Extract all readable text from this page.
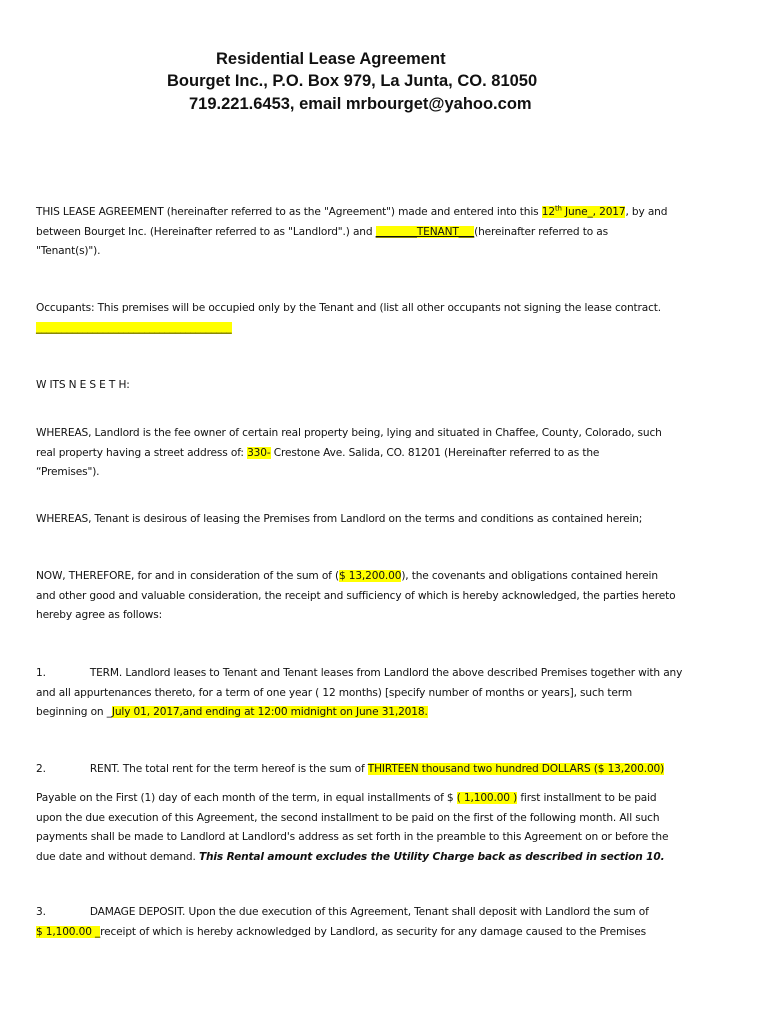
Residential Lease Agreement
Bourget Inc., P.O. Box 979, La Junta, CO. 81050
719.221.6453, email mrbourget@yahoo.com
THIS LEASE AGREEMENT (hereinafter referred to as the "Agreement") made and entered into this 12th June_, 2017, by and
between Bourget Inc. (Hereinafter referred to as "Landlord".) and ________TENANT___(hereinafter referred to as
"Tenant(s)").
Occupants: This premises will be occupied only by the Tenant and (list all other occupants not signing the lease contract.
______________________________________
W ITS N E S E T H:
WHEREAS, Landlord is the fee owner of certain real property being, lying and situated in Chaffee, County, Colorado, such
real property having a street address of: 330- Crestone Ave. Salida, CO. 81201 (Hereinafter referred to as the
“Premises").
WHEREAS, Tenant is desirous of leasing the Premises from Landlord on the terms and conditions as contained herein;
NOW, THEREFORE, for and in consideration of the sum of ($ 13,200.00), the covenants and obligations contained herein
and other good and valuable consideration, the receipt and sufficiency of which is hereby acknowledged, the parties hereto
hereby agree as follows:
1.	TERM. Landlord leases to Tenant and Tenant leases from Landlord the above described Premises together with any
and all appurtenances thereto, for a term of one year ( 12 months) [specify number of months or years], such term
beginning on _July 01, 2017,and ending at 12:00 midnight on June 31,2018.
2.	RENT. The total rent for the term hereof is the sum of THIRTEEN thousand two hundred DOLLARS ($ 13,200.00)
Payable on the First (1) day of each month of the term, in equal installments of $ ( 1,100.00 ) first installment to be paid
upon the due execution of this Agreement, the second installment to be paid on the first of the following month. All such
payments shall be made to Landlord at Landlord's address as set forth in the preamble to this Agreement on or before the
due date and without demand. This Rental amount excludes the Utility Charge back as described in section 10.
3.	DAMAGE DEPOSIT. Upon the due execution of this Agreement, Tenant shall deposit with Landlord the sum of
$ 1,100.00 _receipt of which is hereby acknowledged by Landlord, as security for any damage caused to the Premises
